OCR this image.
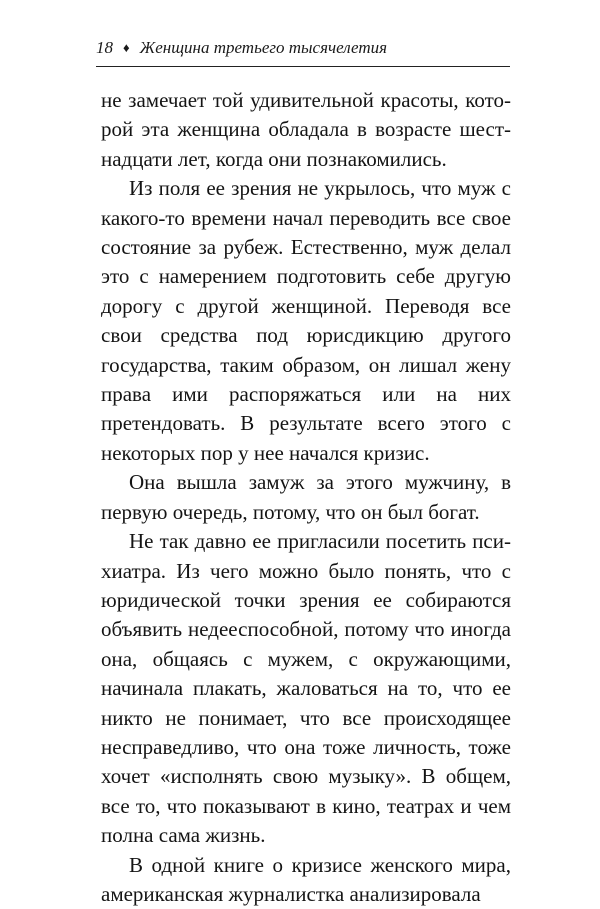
18 ♦ Женщина третьего тысячелетия

не замечает той удивительной красоты, которой эта женщина обладала в возрасте шестнадцати лет, когда они познакомились.

Из поля ее зрения не укрылось, что муж с какого-то времени начал переводить все свое состояние за рубеж. Естественно, муж делал это с намерением подготовить себе другую дорогу с другой женщиной. Переводя все свои средства под юрисдикцию другого государства, таким образом, он лишал жену права ими распоряжаться или на них претендовать. В результате всего этого с некоторых пор у нее начался кризис.

Она вышла замуж за этого мужчину, в первую очередь, потому, что он был богат.

Не так давно ее пригласили посетить психиатра. Из чего можно было понять, что с юридической точки зрения ее собираются объявить недееспособной, потому что иногда она, общаясь с мужем, с окружающими, начинала плакать, жаловаться на то, что ее никто не понимает, что все происходящее несправедливо, что она тоже личность, тоже хочет «исполнять свою музыку». В общем, все то, что показывают в кино, театрах и чем полна сама жизнь.

В одной книге о кризисе женского мира, американская журналистка анализировала
